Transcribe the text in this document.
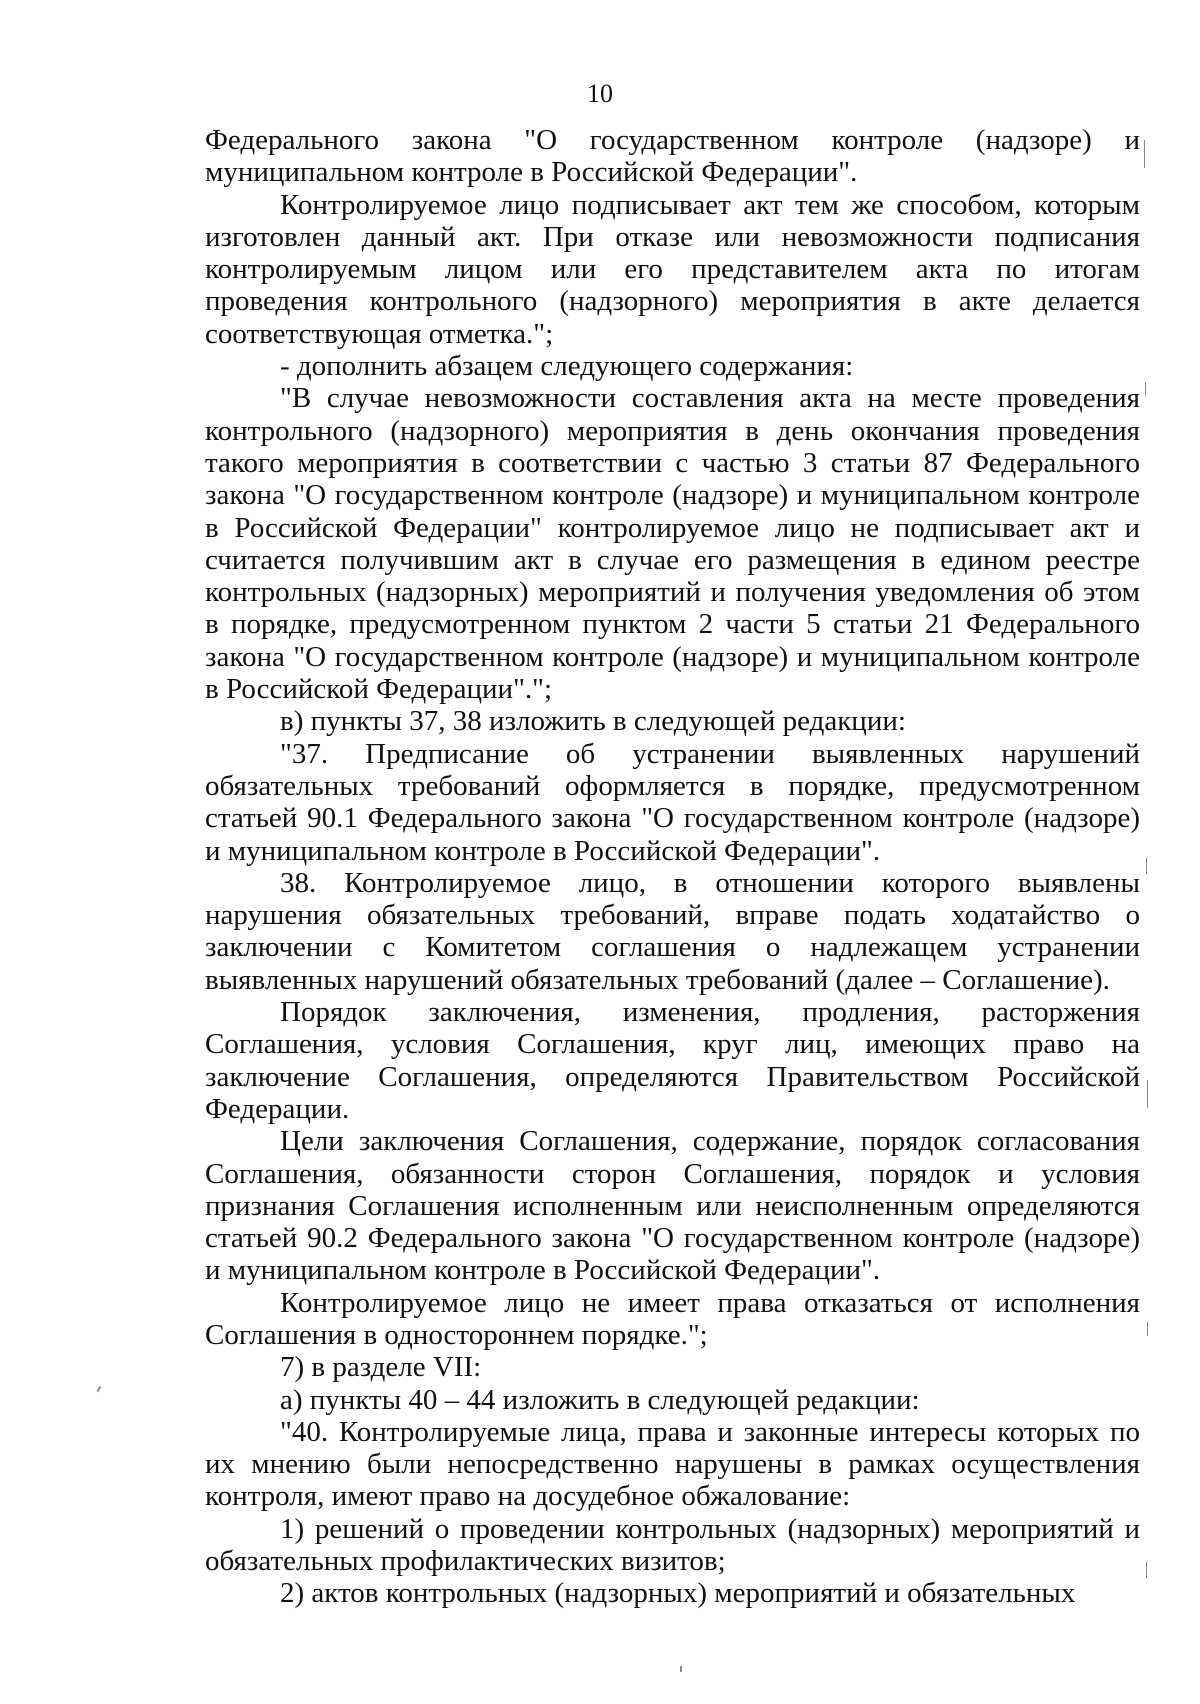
10

Федерального закона "О государственном контроле (надзоре) и муниципальном контроле в Российской Федерации".

Контролируемое лицо подписывает акт тем же способом, которым изготовлен данный акт. При отказе или невозможности подписания контролируемым лицом или его представителем акта по итогам проведения контрольного (надзорного) мероприятия в акте делается соответствующая отметка.";

- дополнить абзацем следующего содержания:

"В случае невозможности составления акта на месте проведения контрольного (надзорного) мероприятия в день окончания проведения такого мероприятия в соответствии с частью 3 статьи 87 Федерального закона "О государственном контроле (надзоре) и муниципальном контроле в Российской Федерации" контролируемое лицо не подписывает акт и считается получившим акт в случае его размещения в едином реестре контрольных (надзорных) мероприятий и получения уведомления об этом в порядке, предусмотренном пунктом 2 части 5 статьи 21 Федерального закона "О государственном контроле (надзоре) и муниципальном контроле в Российской Федерации".";

в) пункты 37, 38 изложить в следующей редакции:

"37. Предписание об устранении выявленных нарушений обязательных требований оформляется в порядке, предусмотренном статьей 90.1 Федерального закона "О государственном контроле (надзоре) и муниципальном контроле в Российской Федерации".

38. Контролируемое лицо, в отношении которого выявлены нарушения обязательных требований, вправе подать ходатайство о заключении с Комитетом соглашения о надлежащем устранении выявленных нарушений обязательных требований (далее – Соглашение).

Порядок заключения, изменения, продления, расторжения Соглашения, условия Соглашения, круг лиц, имеющих право на заключение Соглашения, определяются Правительством Российской Федерации.

Цели заключения Соглашения, содержание, порядок согласования Соглашения, обязанности сторон Соглашения, порядок и условия признания Соглашения исполненным или неисполненным определяются статьей 90.2 Федерального закона "О государственном контроле (надзоре) и муниципальном контроле в Российской Федерации".

Контролируемое лицо не имеет права отказаться от исполнения Соглашения в одностороннем порядке.";

7) в разделе VII:

а) пункты 40 – 44 изложить в следующей редакции:

"40. Контролируемые лица, права и законные интересы которых по их мнению были непосредственно нарушены в рамках осуществления контроля, имеют право на досудебное обжалование:

1) решений о проведении контрольных (надзорных) мероприятий и обязательных профилактических визитов;

2) актов контрольных (надзорных) мероприятий и обязательных
